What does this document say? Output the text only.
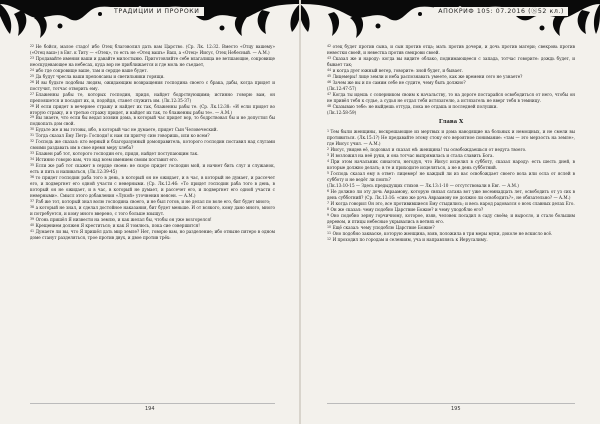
ТРАДИЦИИ И ПРОРОКИ

$^{22}$ Не бойся, малое стадо! ибо Отец благоволил дать вам Царство. (Ср. Лк. 12:32. Вместо «Отцу вашему» («Отец ваш») в Евг. к Титу — «Отец», то есть не «Отец вашъ» Ваш, а «Отец» Иисус, Отец Небесный. — А.М.)

$^{23}$ Продавайте имения ваши и давайте милостыню. Приготовляйте себе влагалища не ветшающие, сокровище неоскудевающее на небесах, куда вор не приближается и где моль не съедает,

$^{24}$ ибо где сокровище ваше, там и сердце ваше будет.

$^{25}$ Да будут чресла ваши препоясаны и светильники горящи.

$^{26}$ И вы будьте подобны людям, ожидающим возвращения господина своего с брака, дабы, когда придет и постучит, тотчас отворить ему.

$^{27}$ Блаженны рабы те, которых господин, придя, найдет бодрствующими; истинно говорю вам, он препояшется и посадит их, и, подойдя, станет служить им. (Лк.12:35-37)

$^{28}$ И если придет в вечернее стражу и найдет их так, блаженны рабы те. (Ср. Лк.12:38: «И если придет во вторую стражу, и в третью стражу придет, и найдет их так, то блаженны рабы те». — А.М.)

$^{29}$ Вы знаете, что если бы ведал хозяин дома, в который час придет вор, то бодрствовал бы и не допустил бы подкопать дом свой.

$^{30}$ Будьте же и вы готовы, ибо, в который час не думаете, придет Сын Человеческий.

$^{31}$ Тогда сказал Ему Петр: Господи! к нам ли притчу сию говоришь, или ко всем?

$^{32}$ Господь же сказал: кто верный и благоразумный домоправитель, которого господин поставил над слугами своими раздавать им в свое время меру хлеба?

$^{33}$ Блажен раб тот, которого господин его, придя, найдет поступающим так.

$^{34}$ Истинно говорю вам, что над всем имением своим поставит его.

$^{35}$ Если же раб тот скажет в сердце своем: не скоро придет господин мой, и начнет бить слуг и служанок, есть и пить и напиваться, (Лк.12:39-45)

$^{36}$ то придет господин раба того в день, в который он не ожидает, и в час, в который не думает, и рассечет его, и подвергнет его одной участи с неверными. (Ср. Лк.12:46: «То придет господин раба того в день, в который он не ожидает, и в час, в который не думает, и рассечет его, и подвергнет его одной участи с неверными». Смысл этого добавления «Лукой» уточнения неясен. — А.М.)

$^{37}$ Раб же тот, который знал волю господина своего, и не был готов, и не делал по воле его, бит будет много;

$^{38}$ а который не знал, и сделал достойное наказания, бит будет меньше. И от всякого, кому дано много, много и потребуется, и кому много вверено, с того больше взыщут.

$^{39}$ Огонь пришёл Я низвести на землю, и как желал бы, чтобы он уже возгорелся!

$^{40}$ Крещением должен Я креститься; и как Я томлюсь, пока сие совершится!

$^{41}$ Думаете ли вы, что Я пришёл дать мир земле? Нет, говорю вам, но разделение; ибо отныне пятеро в одном доме станут разделяться, трое против двух, и двое против трёх:

194
АПОКРИФ 105: 07.2016 (Ⓢ52 кл.)

$^{42}$ отец будет против сына, и сын против отца; мать против дочери, и дочь против матери; свекровь против невестки своей, и невестка против свекрови своей.

$^{43}$ Сказал же и народу: когда вы видите облако, поднимающееся с запада, тотчас говорите: дождь будет, и бывает так;

$^{44}$ и когда дует южный ветер, говорите: зной будет, и бывает.

$^{45}$ Лицемеры! лице земли и неба распознавать умеете, как же времени сего не узнаете?

$^{46}$ Зачем же вы и по самим себе не судите, чему быть должно?

(Лк.12:47-57)

$^{47}$ Когда ты идешь с соперником своим к начальству, то на дороге постарайся освободиться от него, чтобы он не привёл тебя к судье, а судья не отдал тебя истязателю, а истязатель не вверг тебя в темницу.

$^{48}$ Сказываю тебе: не выйдешь оттуда, пока не отдашь и последней полушки.

(Лк.12:58-59)

Глава X

$^1$ Тем были женщины, воскрешающие из мертвых и дома наводящие на больных и немощных, и не смели вы противиться. (Лк.15:1?) Не предавайте этому стоку его вероятное понимание: «там — это мерзость на земле», где Иисус учил. — А.М.)

$^2$ Иисус, увидев её, подозвал и сказал ей: женщина! ты освобождаешься от недуга твоего.

$^3$ И возложил на неё руки, и она тотчас выпрямилась и стала славить Бога.

$^4$ При этом начальник синагоги, негодуя, что Иисус исцелил в субботу, сказал народу: есть шесть дней, в которые должно делать; в те и приходите исцеляться, а не в день субботний.

$^5$ Господь сказал ему в ответ: лицемер! не каждый ли из вас освобождает своего вола или осла от яслей в субботу и не ведёт ли поить?

(Лк.13:10-15 — Здесь предыдущих стихов — Лк.13:1-10 — отсутствовали в Евг. — А.М.)

$^6$ Не должно ли эту дочь Авраамову, которую связал сатана вот уже восемнадцать лет, освободить от уз сих в день субботний? (Ср. Лк.13:16: «сию же дочь Авраамову не должно ли освободить?», не обязательно? — А.М.)

$^7$ И когда говорил Он это, все противившиеся Ему стыдились; и весь народ радовался о всех славных делах Его.

$^8$ Он же сказал: чему подобно Царствие Божие? и чему уподоблю его?

$^9$ Оно подобно зерну горчичному, которое, взяв, человек посадил в саду своём; и выросло, и стало большим деревом, и птицы небесные укрывались в ветвях его.

$^{10}$ Ещё сказал: чему уподоблю Царствие Божие?

$^{11}$ Оно подобно закваске, которую женщина, взяв, положила в три меры муки, доколе не вскисло всё.

$^{12}$ И проходил по городам и селениям, уча и направляясь к Иерусалиму.

195
